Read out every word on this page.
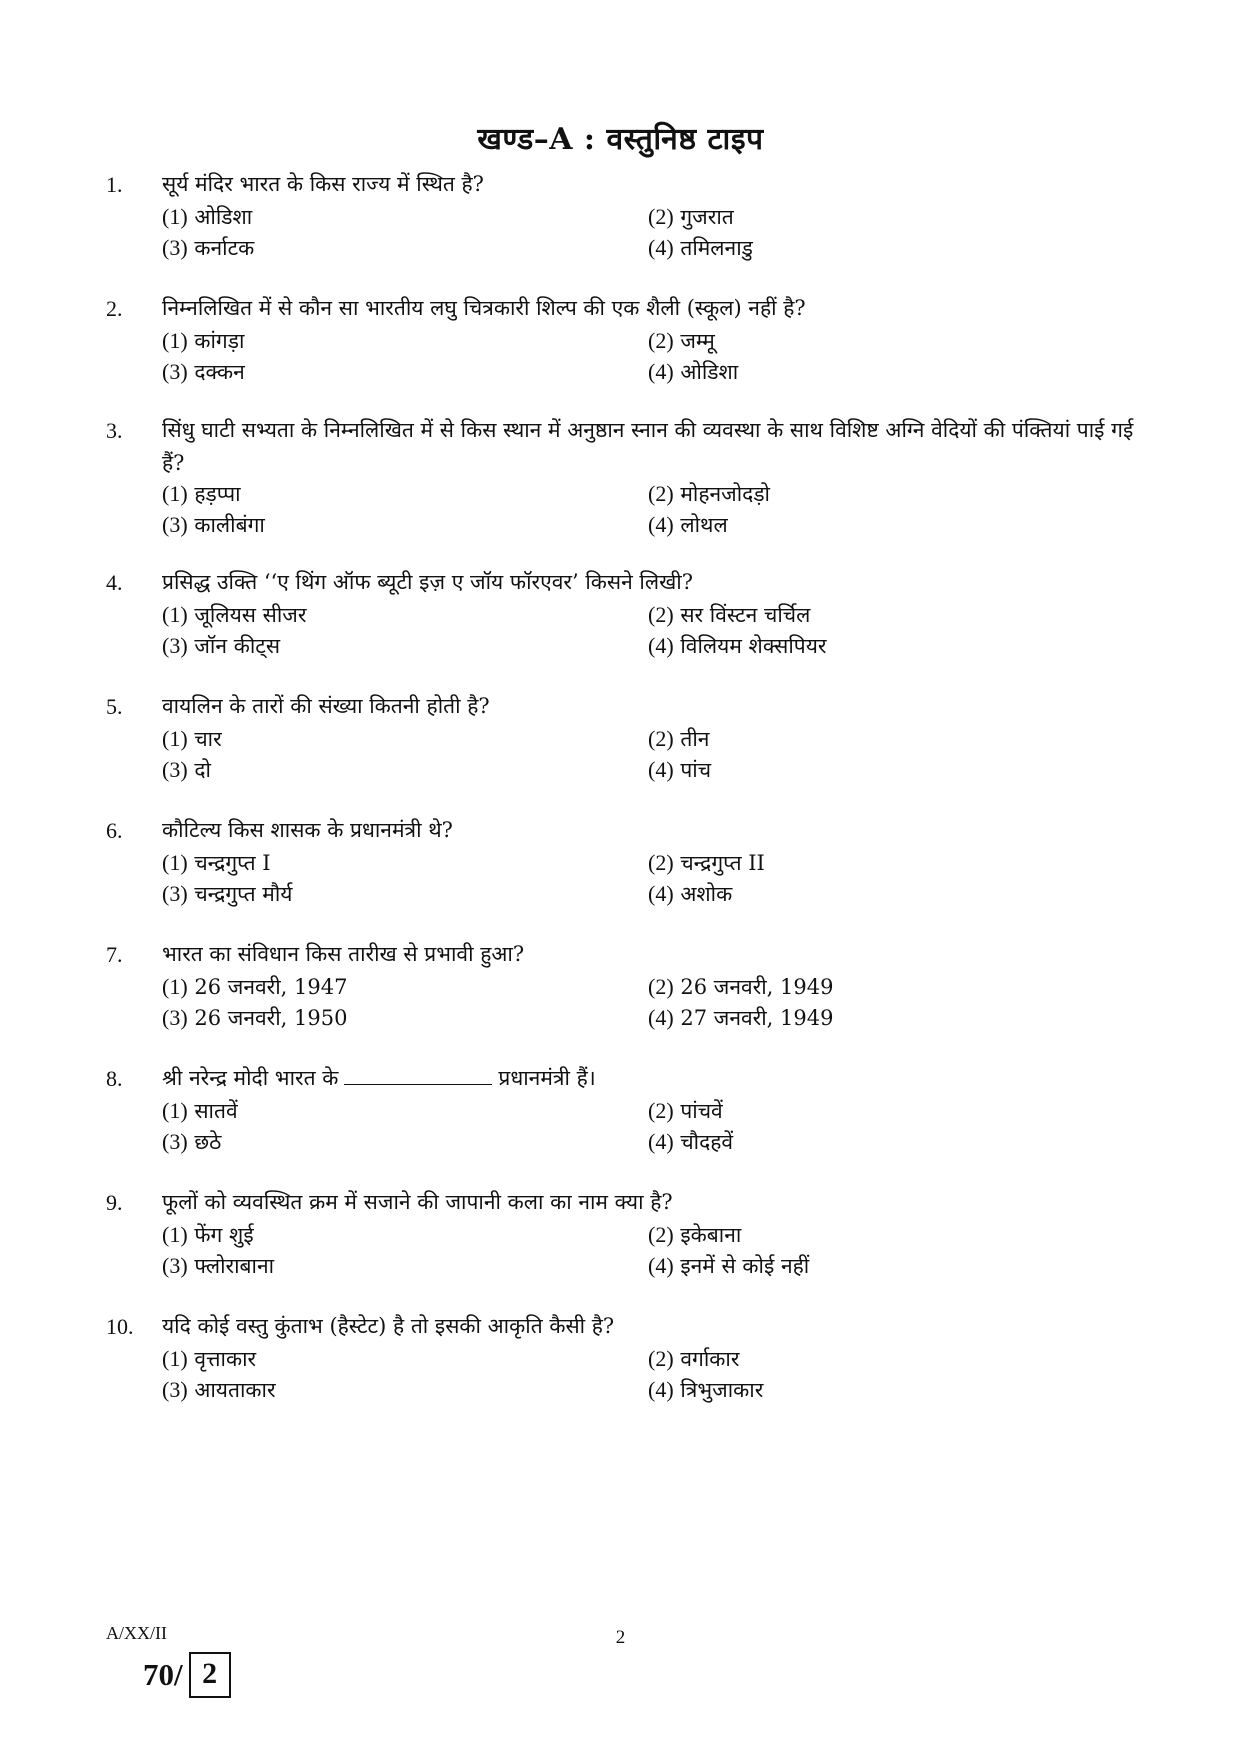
खण्ड–A : वस्तुनिष्ठ टाइप
1.	सूर्य मंदिर भारत के किस राज्य में स्थित है?
(1) ओडिशा	(2) गुजरात
(3) कर्नाटक	(4) तमिलनाडु
2.	निम्नलिखित में से कौन सा भारतीय लघु चित्रकारी शिल्प की एक शैली (स्कूल) नहीं है?
(1) कांगड़ा	(2) जम्मू
(3) दक्कन	(4) ओडिशा
3.	सिंधु घाटी सभ्यता के निम्नलिखित में से किस स्थान में अनुष्ठान स्नान की व्यवस्था के साथ विशिष्ट अग्नि वेदियों की पंक्तियां पाई गई हैं?
(1) हड़प्पा	(2) मोहनजोदड़ो
(3) कालीबंगा	(4) लोथल
4.	प्रसिद्ध उक्ति ‘‘ए थिंग ऑफ ब्यूटी इज़ ए जॉय फॉरएवर’ किसने लिखी?
(1) जूलियस सीजर	(2) सर विंस्टन चर्चिल
(3) जॉन कीट्स	(4) विलियम शेक्सपियर
5.	वायलिन के तारों की संख्या कितनी होती है?
(1) चार	(2) तीन
(3) दो	(4) पांच
6.	कौटिल्य किस शासक के प्रधानमंत्री थे?
(1) चन्द्रगुप्त I	(2) चन्द्रगुप्त II
(3) चन्द्रगुप्त मौर्य	(4) अशोक
7.	भारत का संविधान किस तारीख से प्रभावी हुआ?
(1) 26 जनवरी, 1947	(2) 26 जनवरी, 1949
(3) 26 जनवरी, 1950	(4) 27 जनवरी, 1949
8.	श्री नरेन्द्र मोदी भारत के	प्रधानमंत्री हैं।
(1) सातवें	(2) पांचवें
(3) छठे	(4) चौदहवें
9.	फूलों को व्यवस्थित क्रम में सजाने की जापानी कला का नाम क्या है?
(1) फेंग शुई	(2) इकेबाना
(3) फ्लोराबाना	(4) इनमें से कोई नहीं
10.	यदि कोई वस्तु कुंताभ (हैस्टेट) है तो इसकी आकृति कैसी है?
(1) वृत्ताकार	(2) वर्गाकार
(3) आयताकार	(4) त्रिभुजाकार
A/XX/II	2
70/ 2
